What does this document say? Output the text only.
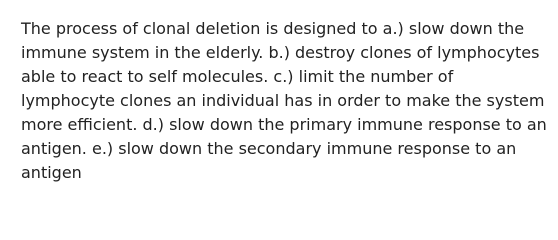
The process of clonal deletion is designed to a.) slow down the immune system in the elderly. b.) destroy clones of lymphocytes able to react to self molecules. c.) limit the number of lymphocyte clones an individual has in order to make the system more efficient. d.) slow down the primary immune response to an antigen. e.) slow down the secondary immune response to an antigen
